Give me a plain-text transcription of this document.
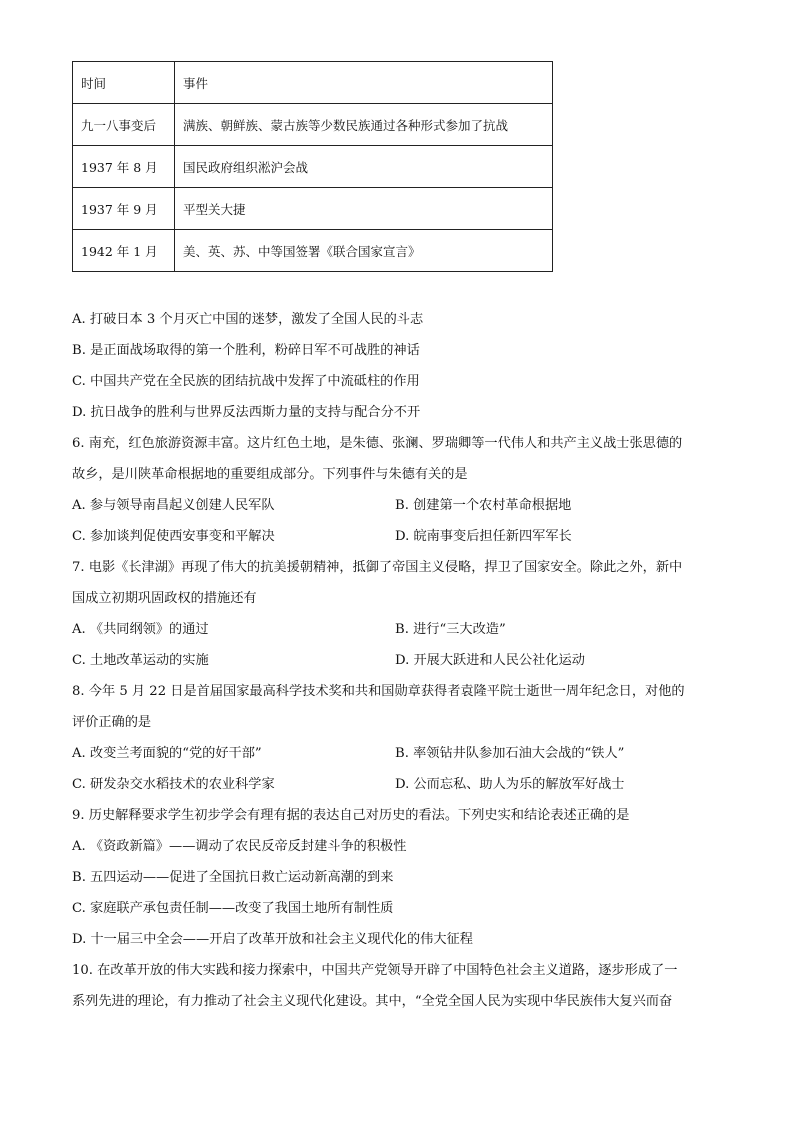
时间	事件
九一八事变后	满族、朝鲜族、蒙古族等少数民族通过各种形式参加了抗战
1937 年 8 月	国民政府组织淞沪会战
1937 年 9 月	平型关大捷
1942 年 1 月	美、英、苏、中等国签署《联合国家宣言》
A. 打破日本 3 个月灭亡中国的迷梦，激发了全国人民的斗志
B. 是正面战场取得的第一个胜利，粉碎日军不可战胜的神话
C. 中国共产党在全民族的团结抗战中发挥了中流砥柱的作用
D. 抗日战争的胜利与世界反法西斯力量的支持与配合分不开
6. 南充，红色旅游资源丰富。这片红色土地，是朱德、张澜、罗瑞卿等一代伟人和共产主义战士张思德的
故乡，是川陕革命根据地的重要组成部分。下列事件与朱德有关的是
A. 参与领导南昌起义创建人民军队	B. 创建第一个农村革命根据地
C. 参加谈判促使西安事变和平解决	D. 皖南事变后担任新四军军长
7. 电影《长津湖》再现了伟大的抗美援朝精神，抵御了帝国主义侵略，捍卫了国家安全。除此之外，新中
国成立初期巩固政权的措施还有
A. 《共同纲领》的通过	B. 进行“三大改造”
C. 土地改革运动的实施	D. 开展大跃进和人民公社化运动
8. 今年 5 月 22 日是首届国家最高科学技术奖和共和国勋章获得者袁隆平院士逝世一周年纪念日，对他的
评价正确的是
A. 改变兰考面貌的“党的好干部”	B. 率领钻井队参加石油大会战的“铁人”
C. 研发杂交水稻技术的农业科学家	D. 公而忘私、助人为乐的解放军好战士
9. 历史解释要求学生初步学会有理有据的表达自己对历史的看法。下列史实和结论表述正确的是
A. 《资政新篇》——调动了农民反帝反封建斗争的积极性
B. 五四运动——促进了全国抗日救亡运动新高潮的到来
C. 家庭联产承包责任制——改变了我国土地所有制性质
D. 十一届三中全会——开启了改革开放和社会主义现代化的伟大征程
10. 在改革开放的伟大实践和接力探索中，中国共产党领导开辟了中国特色社会主义道路，逐步形成了一
系列先进的理论，有力推动了社会主义现代化建设。其中，“全党全国人民为实现中华民族伟大复兴而奋
